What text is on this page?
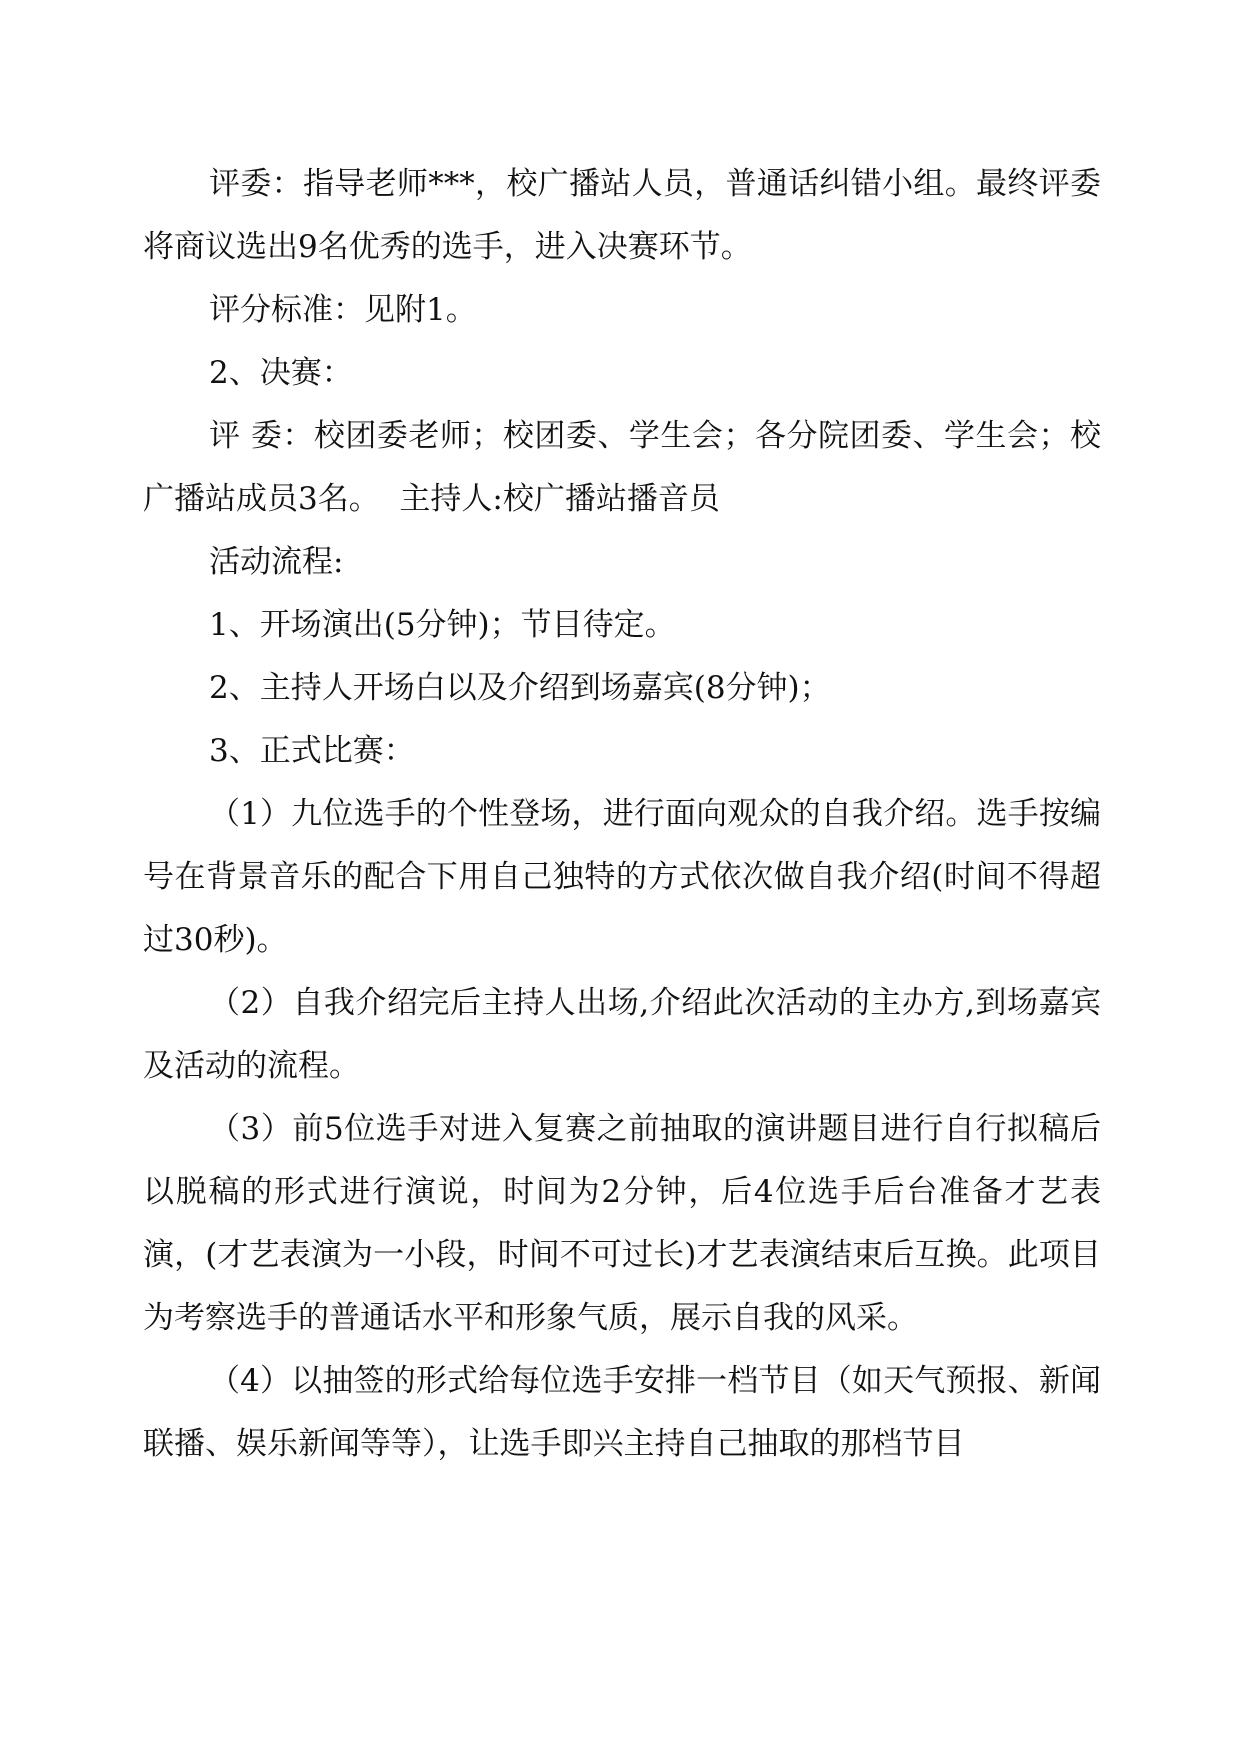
评委：指导老师***，校广播站人员，普通话纠错小组。最终评委将商议选出9名优秀的选手，进入决赛环节。

评分标准：见附1。

2、决赛：

评 委：校团委老师；校团委、学生会；各分院团委、学生会；校广播站成员3名。  主持人:校广播站播音员

活动流程:

1、开场演出(5分钟)；节目待定。

2、主持人开场白以及介绍到场嘉宾(8分钟)；

3、正式比赛：

（1）九位选手的个性登场，进行面向观众的自我介绍。选手按编号在背景音乐的配合下用自己独特的方式依次做自我介绍(时间不得超过30秒)。

（2）自我介绍完后主持人出场,介绍此次活动的主办方,到场嘉宾及活动的流程。

（3）前5位选手对进入复赛之前抽取的演讲题目进行自行拟稿后以脱稿的形式进行演说，时间为2分钟，后4位选手后台准备才艺表演，(才艺表演为一小段，时间不可过长)才艺表演结束后互换。此项目为考察选手的普通话水平和形象气质，展示自我的风采。

（4）以抽签的形式给每位选手安排一档节目（如天气预报、新闻联播、娱乐新闻等等），让选手即兴主持自己抽取的那档节目
